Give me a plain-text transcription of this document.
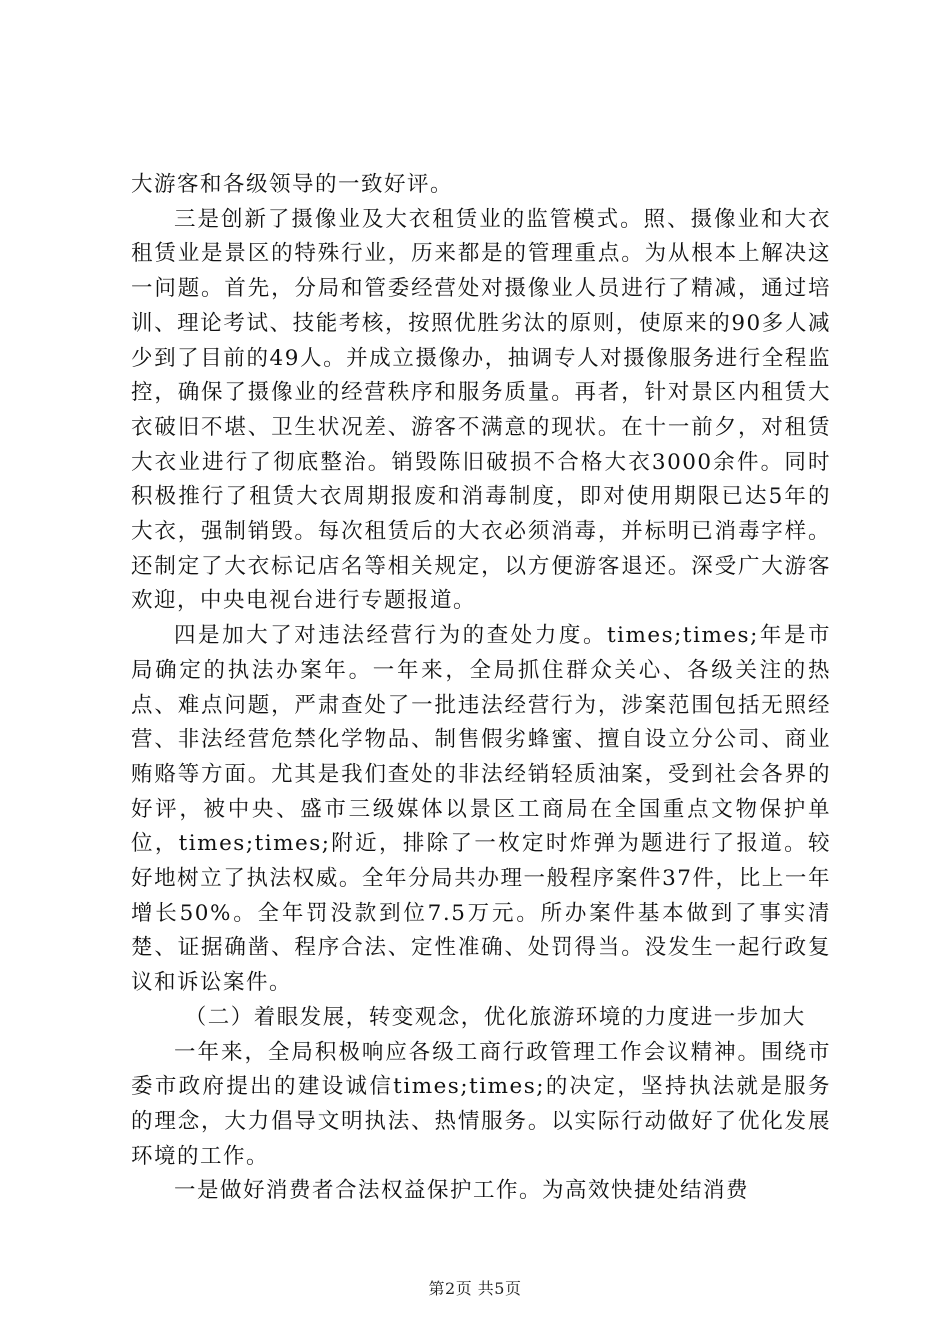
大游客和各级领导的一致好评。

三是创新了摄像业及大衣租赁业的监管模式。照、摄像业和大衣租赁业是景区的特殊行业，历来都是的管理重点。为从根本上解决这一问题。首先，分局和管委经营处对摄像业人员进行了精减，通过培训、理论考试、技能考核，按照优胜劣汰的原则，使原来的90多人减少到了目前的49人。并成立摄像办，抽调专人对摄像服务进行全程监控，确保了摄像业的经营秩序和服务质量。再者，针对景区内租赁大衣破旧不堪、卫生状况差、游客不满意的现状。在十一前夕，对租赁大衣业进行了彻底整治。销毁陈旧破损不合格大衣3000余件。同时积极推行了租赁大衣周期报废和消毒制度，即对使用期限已达5年的大衣，强制销毁。每次租赁后的大衣必须消毒，并标明已消毒字样。还制定了大衣标记店名等相关规定，以方便游客退还。深受广大游客欢迎，中央电视台进行专题报道。

四是加大了对违法经营行为的查处力度。times;times;年是市局确定的执法办案年。一年来，全局抓住群众关心、各级关注的热点、难点问题，严肃查处了一批违法经营行为，涉案范围包括无照经营、非法经营危禁化学物品、制售假劣蜂蜜、擅自设立分公司、商业贿赂等方面。尤其是我们查处的非法经销轻质油案，受到社会各界的好评，被中央、盛市三级媒体以景区工商局在全国重点文物保护单位，times;times;附近，排除了一枚定时炸弹为题进行了报道。较好地树立了执法权威。全年分局共办理一般程序案件37件，比上一年增长50%。全年罚没款到位7.5万元。所办案件基本做到了事实清楚、证据确凿、程序合法、定性准确、处罚得当。没发生一起行政复议和诉讼案件。

（二）着眼发展，转变观念，优化旅游环境的力度进一步加大

一年来，全局积极响应各级工商行政管理工作会议精神。围绕市委市政府提出的建设诚信times;times;的决定，坚持执法就是服务的理念，大力倡导文明执法、热情服务。以实际行动做好了优化发展环境的工作。

一是做好消费者合法权益保护工作。为高效快捷处结消费

第2页 共5页
